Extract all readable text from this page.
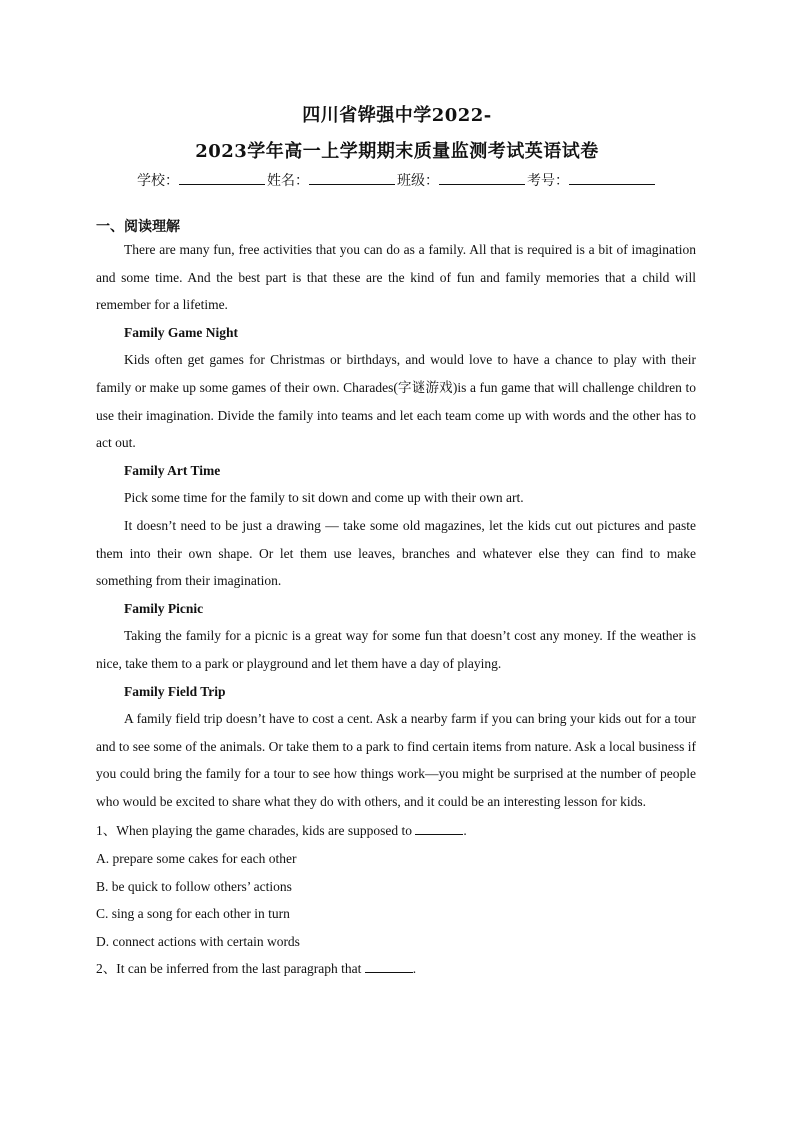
四川省铧强中学2022-
2023学年高一上学期期末质量监测考试英语试卷
学校：	姓名：	班级：	考号：
一、阅读理解

There are many fun, free activities that you can do as a family. All that is required is a bit of imagination and some time. And the best part is that these are the kind of fun and family memories that a child will remember for a lifetime.

Family Game Night

Kids often get games for Christmas or birthdays, and would love to have a chance to play with their family or make up some games of their own. Charades(字谜游戏)is a fun game that will challenge children to use their imagination. Divide the family into teams and let each team come up with words and the other has to act out.

Family Art Time

Pick some time for the family to sit down and come up with their own art.

It doesn’t need to be just a drawing — take some old magazines, let the kids cut out pictures and paste them into their own shape. Or let them use leaves, branches and whatever else they can find to make something from their imagination.

Family Picnic

Taking the family for a picnic is a great way for some fun that doesn’t cost any money. If the weather is nice, take them to a park or playground and let them have a day of playing.

Family Field Trip

A family field trip doesn’t have to cost a cent. Ask a nearby farm if you can bring your kids out for a tour and to see some of the animals. Or take them to a park to find certain items from nature. Ask a local business if you could bring the family for a tour to see how things work—you might be surprised at the number of people who would be excited to share what they do with others, and it could be an interesting lesson for kids.

1、When playing the game charades, kids are supposed to	.
A. prepare some cakes for each other
B. be quick to follow others’ actions
C. sing a song for each other in turn
D. connect actions with certain words
2、It can be inferred from the last paragraph that	.
